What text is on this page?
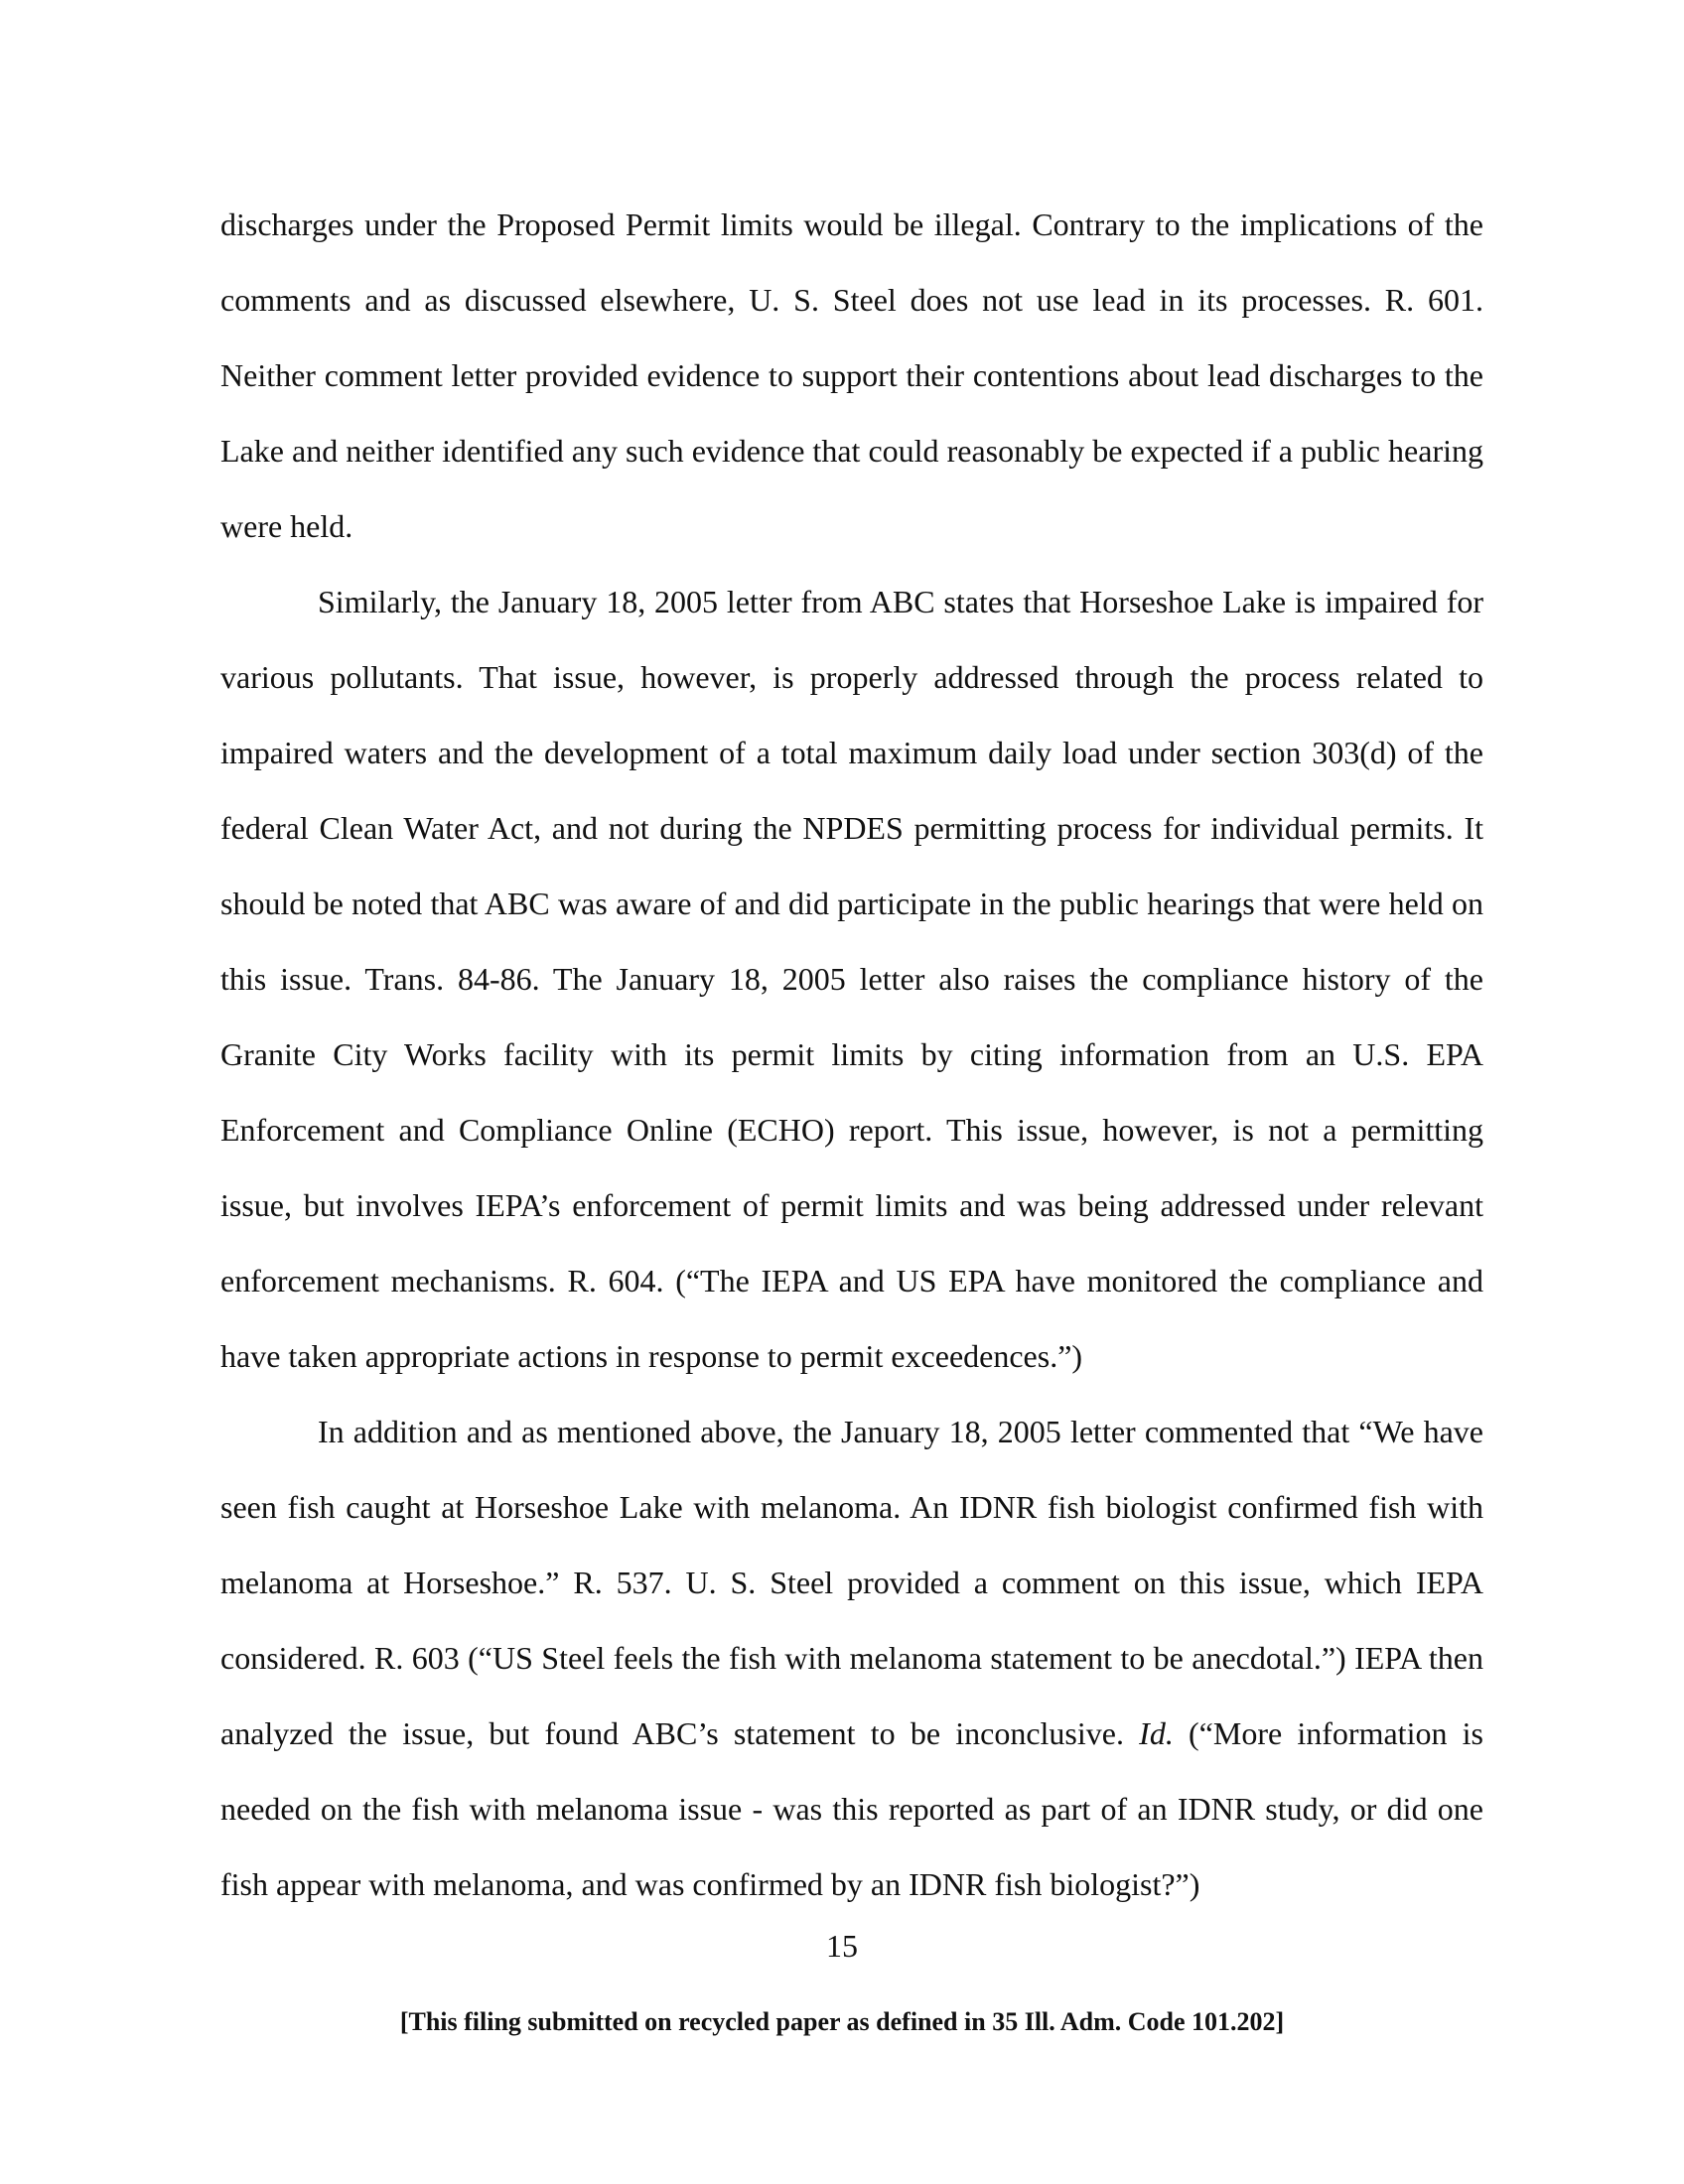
discharges under the Proposed Permit limits would be illegal. Contrary to the implications of the comments and as discussed elsewhere, U. S. Steel does not use lead in its processes. R. 601. Neither comment letter provided evidence to support their contentions about lead discharges to the Lake and neither identified any such evidence that could reasonably be expected if a public hearing were held.

Similarly, the January 18, 2005 letter from ABC states that Horseshoe Lake is impaired for various pollutants. That issue, however, is properly addressed through the process related to impaired waters and the development of a total maximum daily load under section 303(d) of the federal Clean Water Act, and not during the NPDES permitting process for individual permits. It should be noted that ABC was aware of and did participate in the public hearings that were held on this issue. Trans. 84-86. The January 18, 2005 letter also raises the compliance history of the Granite City Works facility with its permit limits by citing information from an U.S. EPA Enforcement and Compliance Online (ECHO) report. This issue, however, is not a permitting issue, but involves IEPA’s enforcement of permit limits and was being addressed under relevant enforcement mechanisms. R. 604. (“The IEPA and US EPA have monitored the compliance and have taken appropriate actions in response to permit exceedences.”)

In addition and as mentioned above, the January 18, 2005 letter commented that “We have seen fish caught at Horseshoe Lake with melanoma. An IDNR fish biologist confirmed fish with melanoma at Horseshoe.” R. 537. U. S. Steel provided a comment on this issue, which IEPA considered. R. 603 (“US Steel feels the fish with melanoma statement to be anecdotal.”) IEPA then analyzed the issue, but found ABC’s statement to be inconclusive. Id. (“More information is needed on the fish with melanoma issue - was this reported as part of an IDNR study, or did one fish appear with melanoma, and was confirmed by an IDNR fish biologist?”)

15
[This filing submitted on recycled paper as defined in 35 Ill. Adm. Code 101.202]
